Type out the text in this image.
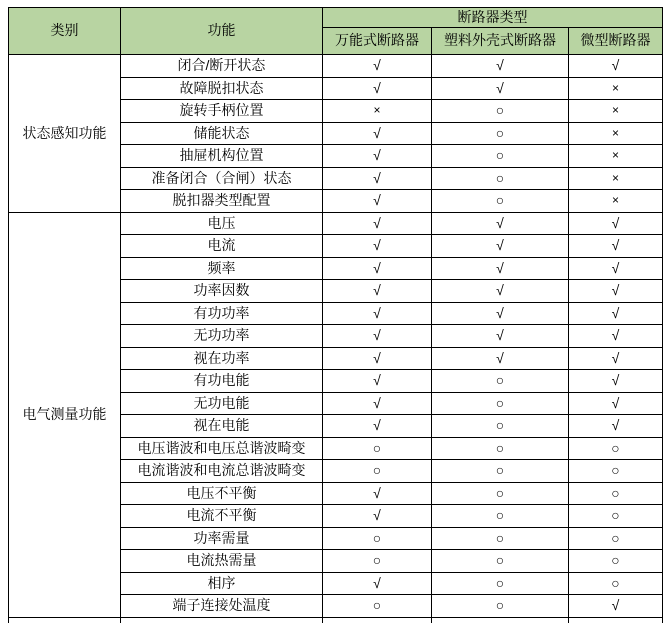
类别	功能	断路器类型		
		万能式断路器	塑料外壳式断路器	微型断路器
状态感知功能	闭合/断开状态	√	√	√
	故障脱扣状态	√	√	×
	旋转手柄位置	×	○	×
	储能状态	√	○	×
	抽屉机构位置	√	○	×
	准备闭合（合闸）状态	√	○	×
	脱扣器类型配置	√	○	×
电气测量功能	电压	√	√	√
	电流	√	√	√
	频率	√	√	√
	功率因数	√	√	√
	有功功率	√	√	√
	无功功率	√	√	√
	视在功率	√	√	√
	有功电能	√	○	√
	无功电能	√	○	√
	视在电能	√	○	√
	电压谐波和电压总谐波畸变	○	○	○
	电流谐波和电流总谐波畸变	○	○	○
	电压不平衡	√	○	○
	电流不平衡	√	○	○
	功率需量	○	○	○
	电流热需量	○	○	○
	相序	√	○	○
	端子连接处温度	○	○	√
